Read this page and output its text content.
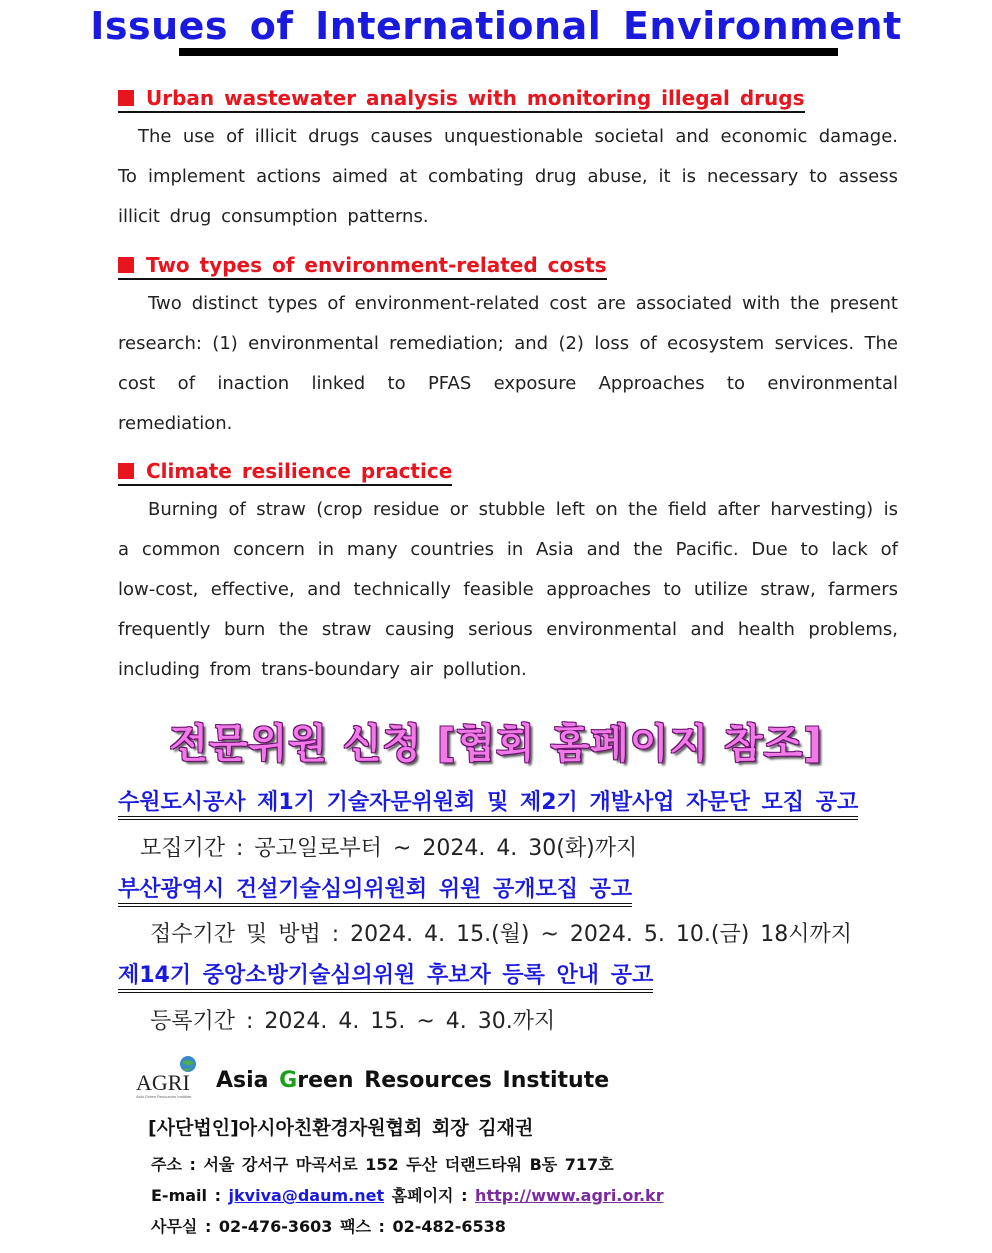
Issues of International Environment
Urban wastewater analysis with monitoring illegal drugs
The use of illicit drugs causes unquestionable societal and economic damage. To implement actions aimed at combating drug abuse, it is necessary to assess illicit drug consumption patterns.
Two types of environment-related costs
Two distinct types of environment-related cost are associated with the present research: (1) environmental remediation; and (2) loss of ecosystem services. The cost of inaction linked to PFAS exposure Approaches to environmental remediation.
Climate resilience practice
Burning of straw (crop residue or stubble left on the field after harvesting) is a common concern in many countries in Asia and the Pacific. Due to lack of low-cost, effective, and technically feasible approaches to utilize straw, farmers frequently burn the straw causing serious environmental and health problems, including from trans-boundary air pollution.
전문위원 신청 [협회 홈페이지 참조]
수원도시공사 제1기 기술자문위원회 및 제2기 개발사업 자문단 모집 공고
모집기간 : 공고일로부터 ~ 2024. 4. 30(화)까지
부산광역시 건설기술심의위원회 위원 공개모집 공고
접수기간 및 방법 : 2024. 4. 15.(월) ~ 2024. 5. 10.(금) 18시까지
제14기 중앙소방기술심의위원 후보자 등록 안내 공고
등록기간 : 2024. 4. 15. ~ 4. 30.까지
AGRI
Asia Green Resources Institute
Asia Green Resources Institute
[사단법인]아시아친환경자원협회 회장 김재권
주소 : 서울 강서구 마곡서로 152 두산 더랜드타워 B동 717호
E-mail : jkviva@daum.net 홈페이지 : http://www.agri.or.kr
사무실 : 02-476-3603 팩스 : 02-482-6538
